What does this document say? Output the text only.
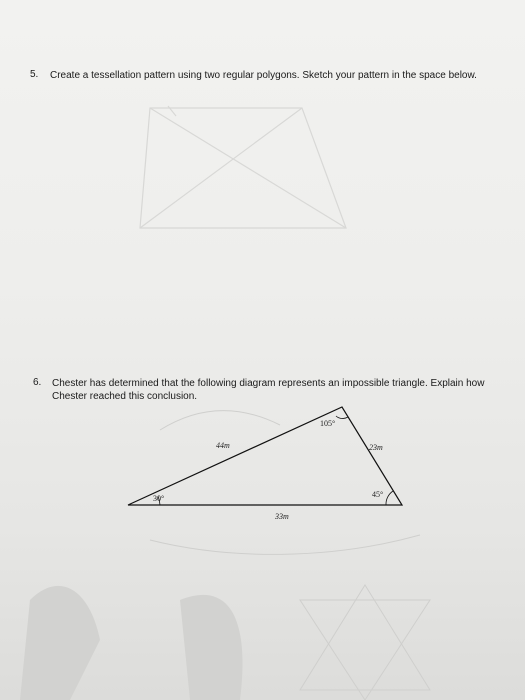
5. Create a tessellation pattern using two regular polygons. Sketch your pattern in the space below.
6. Chester has determined that the following diagram represents an impossible triangle. Explain how Chester reached this conclusion.
105°
30°	45°
44m	23m
33m
